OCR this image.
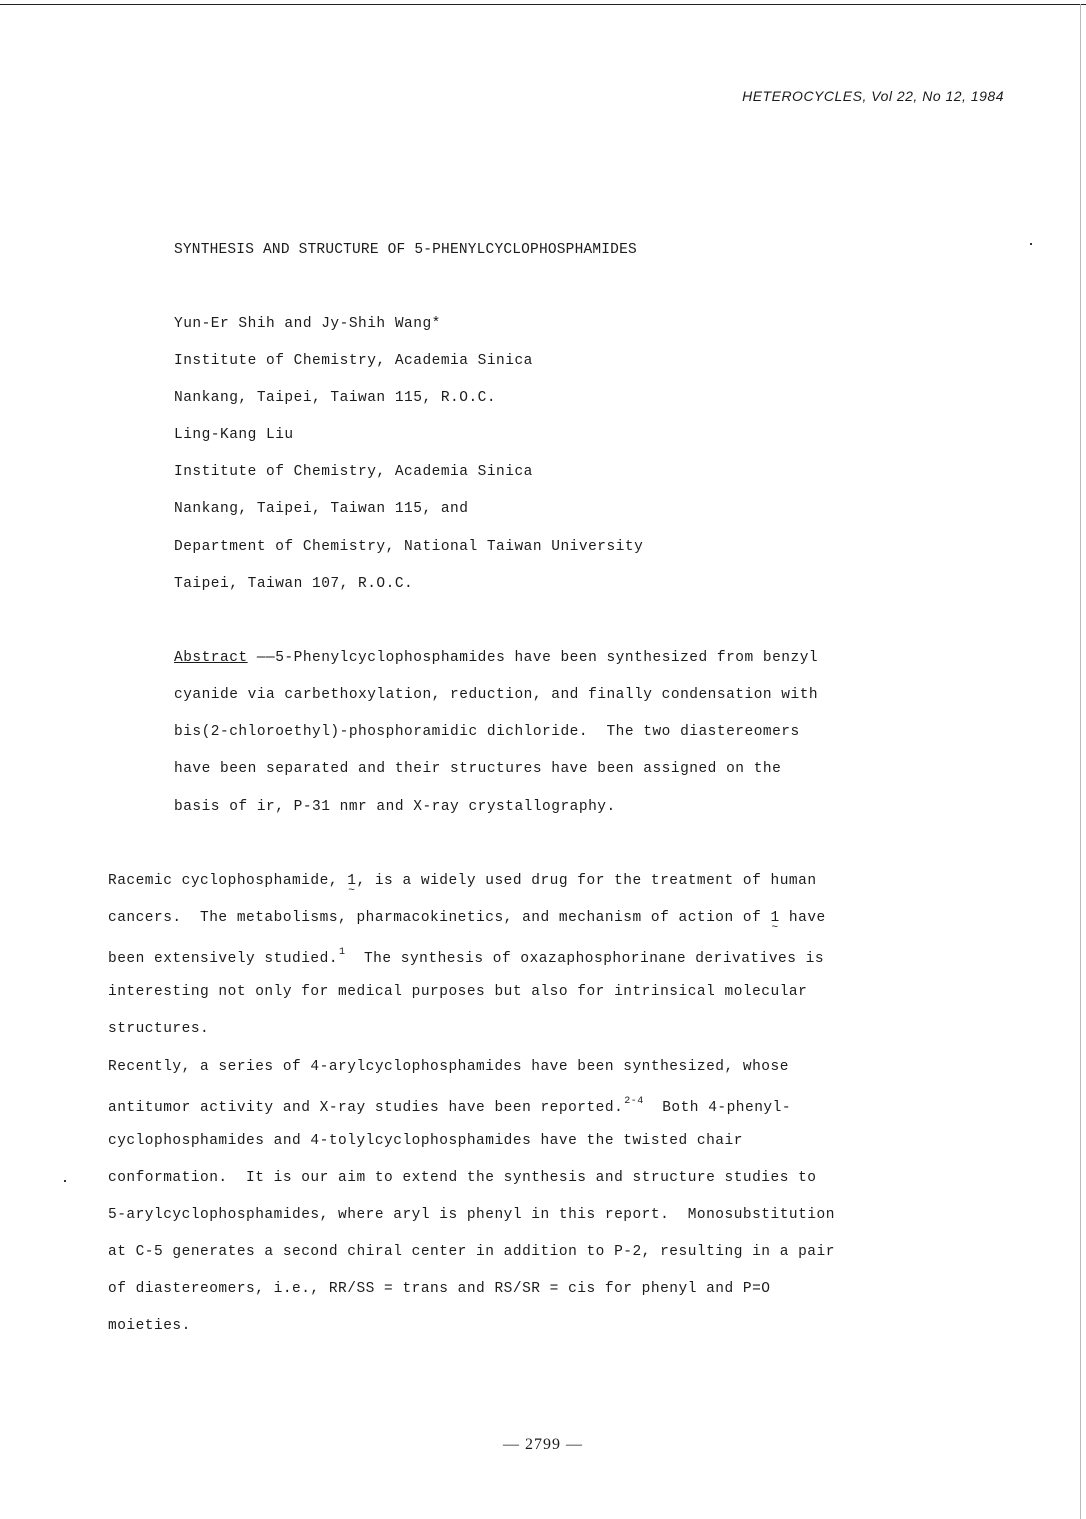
HETEROCYCLES, Vol 22, No 12, 1984
SYNTHESIS AND STRUCTURE OF 5-PHENYLCYCLOPHOSPHAMIDES
Yun-Er Shih and Jy-Shih Wang*
Institute of Chemistry, Academia Sinica
Nankang, Taipei, Taiwan 115, R.O.C.
Ling-Kang Liu
Institute of Chemistry, Academia Sinica
Nankang, Taipei, Taiwan 115, and
Department of Chemistry, National Taiwan University
Taipei, Taiwan 107, R.O.C.
Abstract ——5-Phenylcyclophosphamides have been synthesized from benzyl
cyanide via carbethoxylation, reduction, and finally condensation with
bis(2-chloroethyl)-phosphoramidic dichloride.  The two diastereomers
have been separated and their structures have been assigned on the
basis of ir, P-31 nmr and X-ray crystallography.
Racemic cyclophosphamide, 1 ~, is a widely used drug for the treatment of human
cancers.  The metabolisms, pharmacokinetics, and mechanism of action of 1 ~ have
been extensively studied.$^1$  The synthesis of oxazaphosphorinane derivatives is
interesting not only for medical purposes but also for intrinsical molecular
structures.
Recently, a series of 4-arylcyclophosphamides have been synthesized, whose
antitumor activity and X-ray studies have been reported.$^{2-4}$  Both 4-phenyl-
cyclophosphamides and 4-tolylcyclophosphamides have the twisted chair
conformation.  It is our aim to extend the synthesis and structure studies to
5-arylcyclophosphamides, where aryl is phenyl in this report.  Monosubstitution
at C-5 generates a second chiral center in addition to P-2, resulting in a pair
of diastereomers, i.e., RR/SS = trans and RS/SR = cis for phenyl and P=O
moieties.
— 2799 —
